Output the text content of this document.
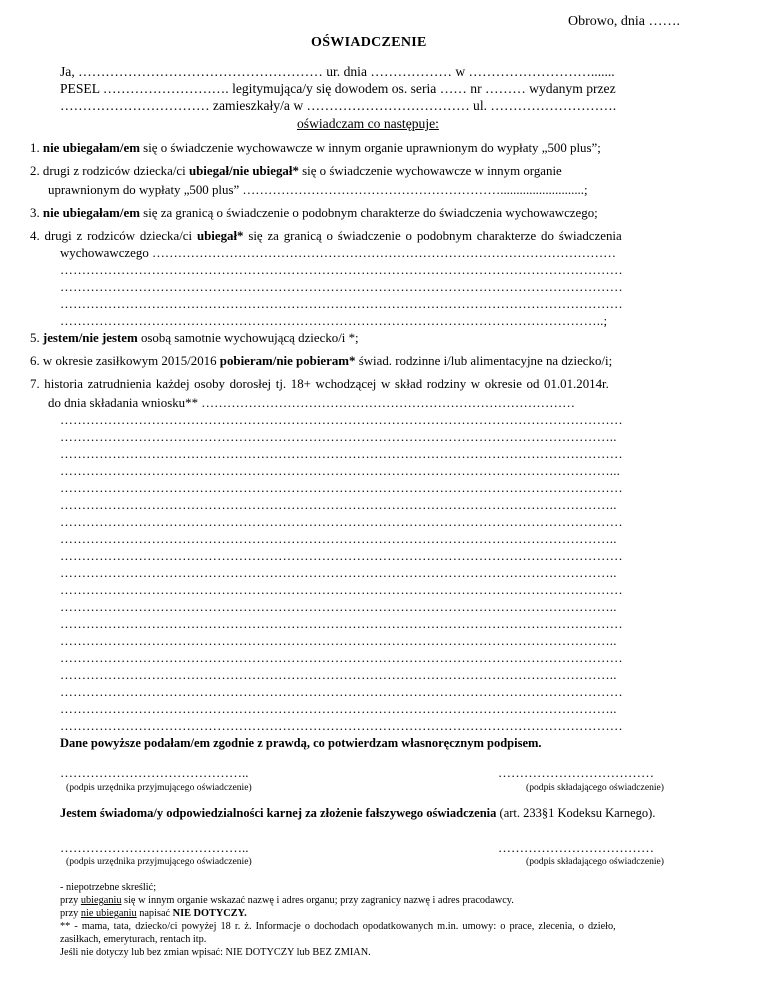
Obrowo, dnia …….
OŚWIADCZENIE
Ja, ……………………………………………… ur. dnia ……………… w ……………………….......
PESEL ………………………. legitymująca/y się dowodem os. seria …… nr ……… wydanym przez
…………………………… zamieszkały/a w ……………………………… ul. ……………………….
oświadczam co następuje:
1. nie ubiegałam/em się o świadczenie wychowawcze w innym organie uprawnionym do wypłaty „500 plus”;
2. drugi z rodziców dziecka/ci ubiegał/nie ubiegał* się o świadczenie wychowawcze w innym organie
uprawnionym do wypłaty „500 plus” ……………………………………………………..........................;
3. nie ubiegałam/em się za granicą o świadczenie o podobnym charakterze do świadczenia wychowawczego;
4. drugi z rodziców dziecka/ci ubiegał* się za granicą o świadczenie o podobnym charakterze do świadczenia
wychowawczego ………………………………………………………………………………………………
…………………………………………………………………………………………………………………
…………………………………………………………………………………………………………………
…………………………………………………………………………………………………………………
……………………………………………………………………………………………………………..;
5. jestem/nie jestem osobą samotnie wychowującą dziecko/i *;
6. w okresie zasiłkowym 2015/2016 pobieram/nie pobieram* świad. rodzinne i/lub alimentacyjne na dziecko/i;
7. historia zatrudnienia każdej osoby dorosłej tj. 18+ wchodzącej w skład rodziny w okresie od 01.01.2014r.
do dnia składania wniosku** ……………………………………………………………………………
…………………………………………………………………………………………………………………
………………………………………………………………………………………………………………..
…………………………………………………………………………………………………………………
………………………………………………………………………………………………………………...
…………………………………………………………………………………………………………………
………………………………………………………………………………………………………………..
…………………………………………………………………………………………………………………
………………………………………………………………………………………………………………..
…………………………………………………………………………………………………………………
………………………………………………………………………………………………………………..
…………………………………………………………………………………………………………………
………………………………………………………………………………………………………………..
…………………………………………………………………………………………………………………
………………………………………………………………………………………………………………..
…………………………………………………………………………………………………………………
………………………………………………………………………………………………………………..
…………………………………………………………………………………………………………………
………………………………………………………………………………………………………………..
…………………………………………………………………………………………………………………
Dane powyższe podałam/em zgodnie z prawdą, co potwierdzam własnoręcznym podpisem.
……………………………………..
(podpis urzędnika przyjmującego oświadczenie)
………………………………
(podpis składającego oświadczenie)
Jestem świadoma/y odpowiedzialności karnej za złożenie fałszywego oświadczenia (art. 233§1 Kodeksu Karnego).
……………………………………..
(podpis urzędnika przyjmującego oświadczenie)
………………………………
(podpis składającego oświadczenie)
- niepotrzebne skreślić;
przy ubieganiu się w innym organie wskazać nazwę i adres organu; przy zagranicy nazwę i adres pracodawcy.
przy nie ubieganiu napisać NIE DOTYCZY.
** - mama, tata, dziecko/ci powyżej 18 r. ż. Informacje o dochodach opodatkowanych m.in. umowy: o prace, zlecenia, o dzieło,
zasiłkach, emeryturach, rentach itp.
Jeśli nie dotyczy lub bez zmian wpisać: NIE DOTYCZY lub BEZ ZMIAN.
